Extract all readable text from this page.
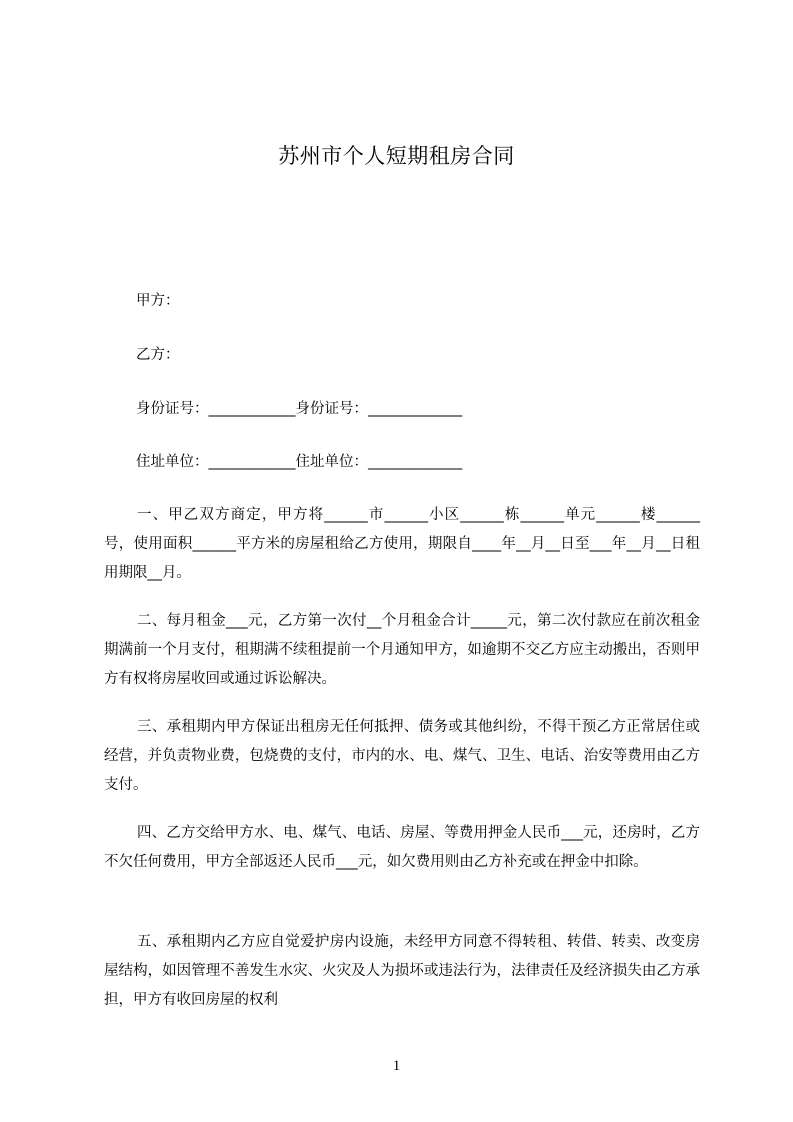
苏州市个人短期租房合同
甲方：
乙方：
身份证号：____________身份证号：_____________
住址单位：____________住址单位：_____________
一、甲乙双方商定，甲方将______市______小区______栋______单元______楼______号，使用面积______平方米的房屋租给乙方使用，期限自____年__月__日至___年__月__日租用期限__月。
二、每月租金___元，乙方第一次付__个月租金合计_____元，第二次付款应在前次租金期满前一个月支付，租期满不续租提前一个月通知甲方，如逾期不交乙方应主动搬出，否则甲方有权将房屋收回或通过诉讼解决。
三、承租期内甲方保证出租房无任何抵押、债务或其他纠纷，不得干预乙方正常居住或经营，并负责物业费，包烧费的支付，市内的水、电、煤气、卫生、电话、治安等费用由乙方支付。
四、乙方交给甲方水、电、煤气、电话、房屋、等费用押金人民币___元，还房时，乙方不欠任何费用，甲方全部返还人民币___元，如欠费用则由乙方补充或在押金中扣除。
五、承租期内乙方应自觉爱护房内设施，未经甲方同意不得转租、转借、转卖、改变房屋结构，如因管理不善发生水灾、火灾及人为损坏或违法行为，法律责任及经济损失由乙方承担，甲方有收回房屋的权利
1
